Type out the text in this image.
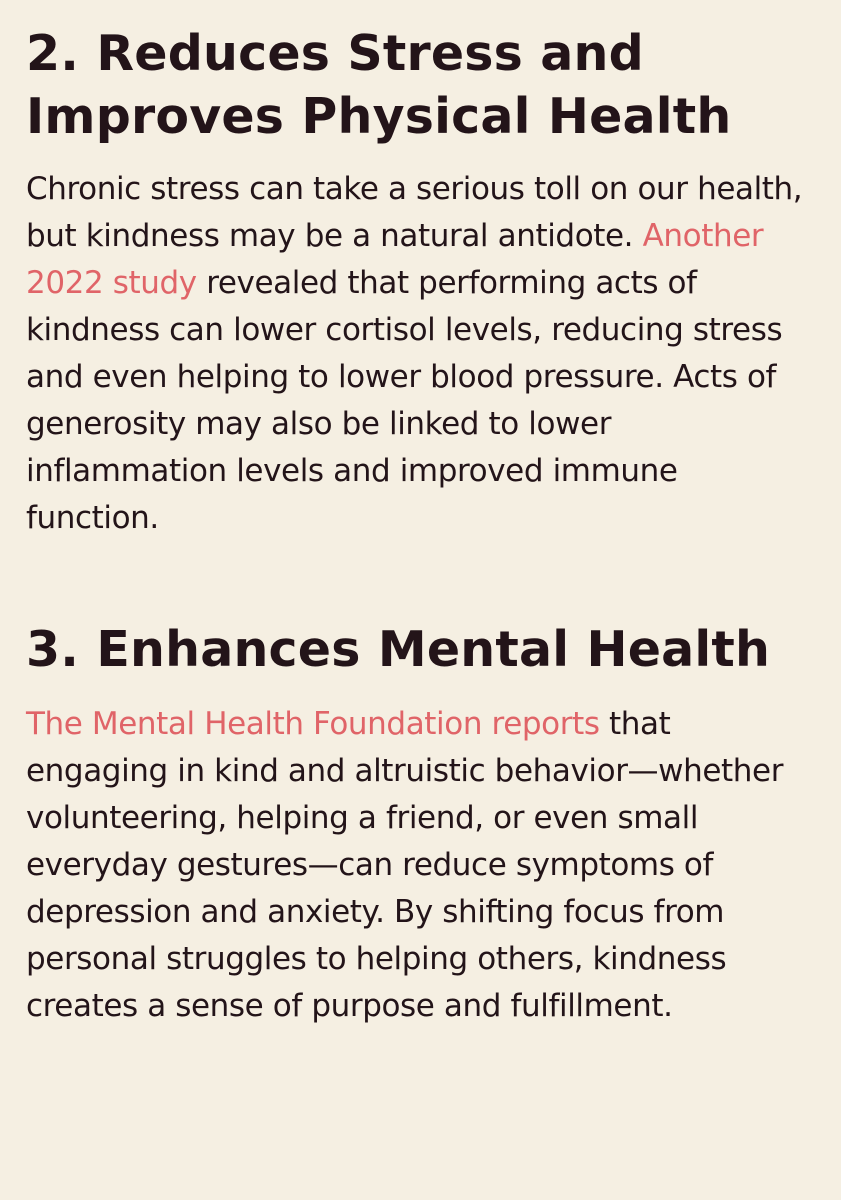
2. Reduces Stress and Improves Physical Health

Chronic stress can take a serious toll on our health, but kindness may be a natural antidote. Another 2022 study revealed that performing acts of kindness can lower cortisol levels, reducing stress and even helping to lower blood pressure. Acts of generosity may also be linked to lower inflammation levels and improved immune function.

3. Enhances Mental Health

The Mental Health Foundation reports that engaging in kind and altruistic behavior—whether volunteering, helping a friend, or even small everyday gestures—can reduce symptoms of depression and anxiety. By shifting focus from personal struggles to helping others, kindness creates a sense of purpose and fulfillment.
